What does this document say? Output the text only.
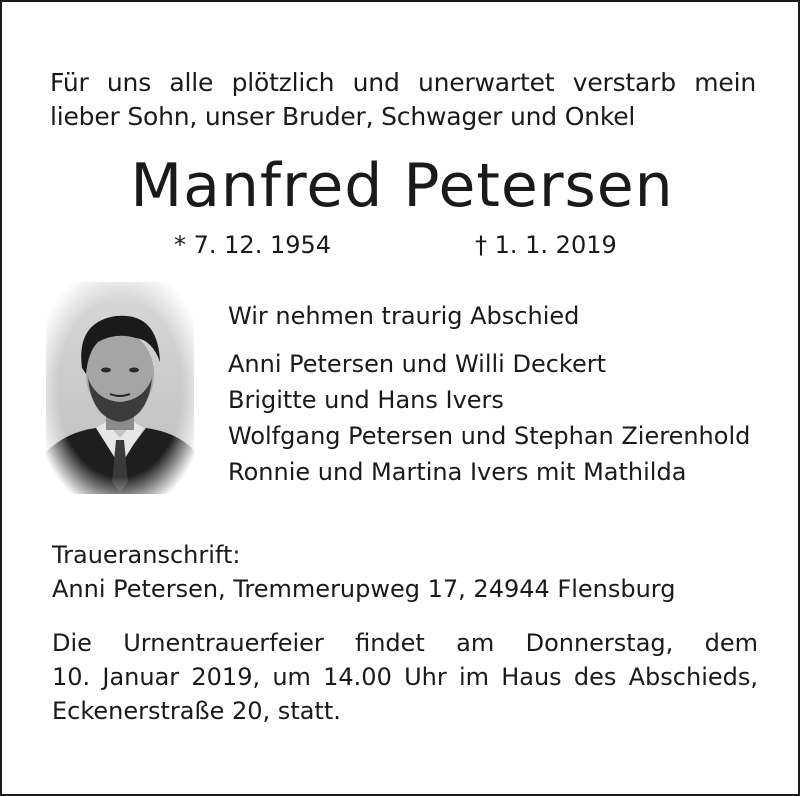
Für uns alle plötzlich und unerwartet verstarb mein
lieber Sohn, unser Bruder, Schwager und Onkel
Manfred Petersen
* 7. 12. 1954	† 1. 1. 2019
Wir nehmen traurig Abschied
Anni Petersen und Willi Deckert
Brigitte und Hans Ivers
Wolfgang Petersen und Stephan Zierenhold
Ronnie und Martina Ivers mit Mathilda
Traueranschrift:
Anni Petersen, Tremmerupweg 17, 24944 Flensburg
Die Urnentrauerfeier findet am Donnerstag, dem
10. Januar 2019, um 14.00 Uhr im Haus des Abschieds,
Eckenerstraße 20, statt.
